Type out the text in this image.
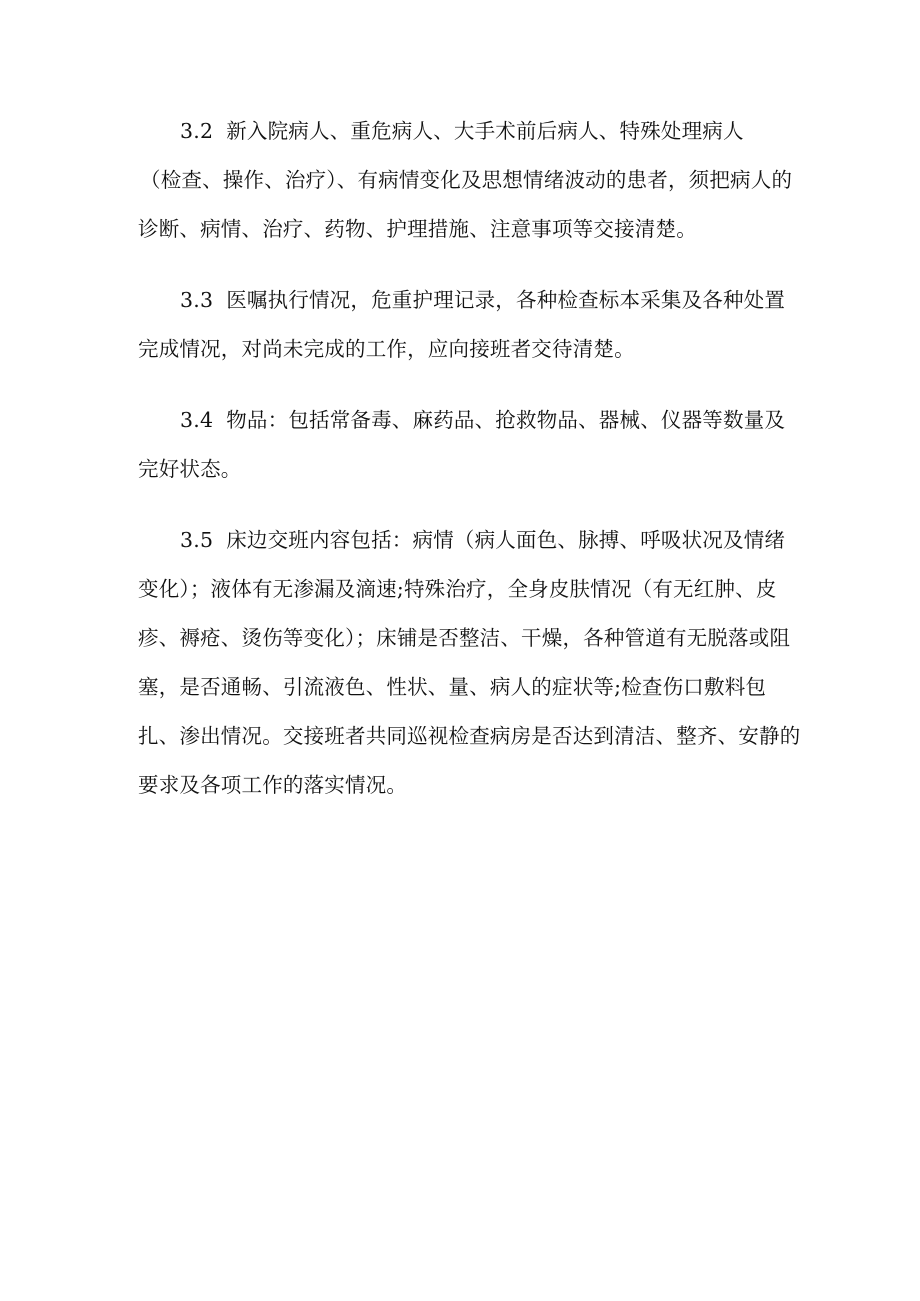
3.2 新入院病人、重危病人、大手术前后病人、特殊处理病人
（检查、操作、治疗）、有病情变化及思想情绪波动的患者，须把病人的
诊断、病情、治疗、药物、护理措施、注意事项等交接清楚。
3.3 医嘱执行情况，危重护理记录，各种检查标本采集及各种处置
完成情况，对尚未完成的工作，应向接班者交待清楚。
3.4 物品：包括常备毒、麻药品、抢救物品、器械、仪器等数量及
完好状态。
3.5 床边交班内容包括：病情（病人面色、脉搏、呼吸状况及情绪
变化）；液体有无渗漏及滴速;特殊治疗，全身皮肤情况（有无红肿、皮
疹、褥疮、烫伤等变化）；床铺是否整洁、干燥，各种管道有无脱落或阻
塞，是否通畅、引流液色、性状、量、病人的症状等;检查伤口敷料包
扎、渗出情况。交接班者共同巡视检查病房是否达到清洁、整齐、安静的
要求及各项工作的落实情况。
